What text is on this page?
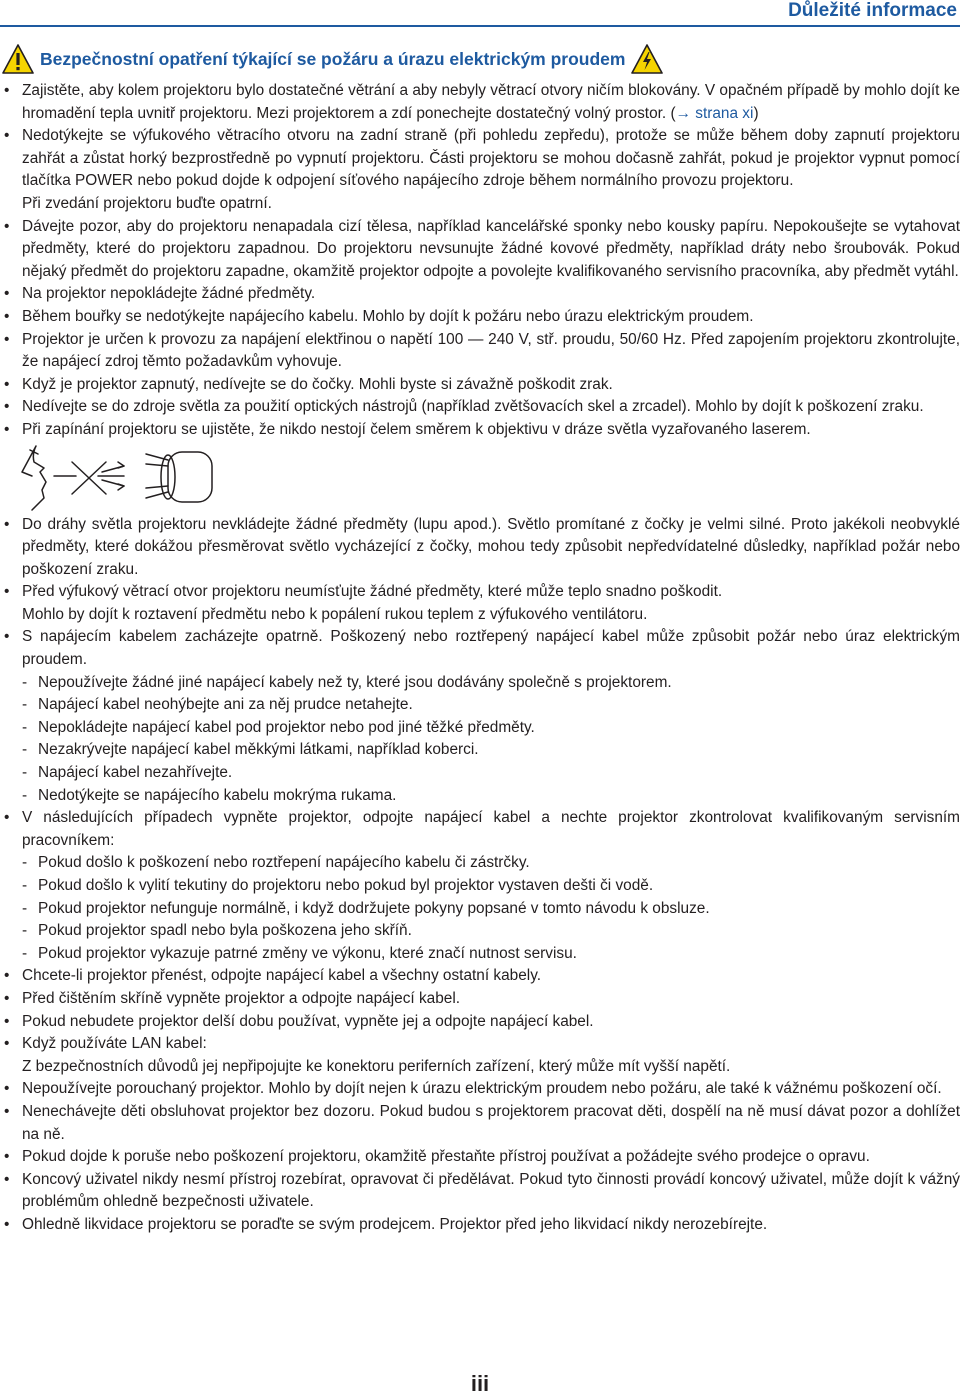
Důležité informace
Bezpečnostní opatření týkající se požáru a úrazu elektrickým proudem
• Zajistěte, aby kolem projektoru bylo dostatečné větrání a aby nebyly větrací otvory ničím blokovány. V opačném případě by mohlo dojít ke hromadění tepla uvnitř projektoru. Mezi projektorem a zdí ponechejte dostatečný volný prostor. (→ strana xi)
• Nedotýkejte se výfukového větracího otvoru na zadní straně (při pohledu zepředu), protože se může během doby zapnutí projektoru zahřát a zůstat horký bezprostředně po vypnutí projektoru. Části projektoru se mohou dočasně zahřát, pokud je projektor vypnut pomocí tlačítka POWER nebo pokud dojde k odpojení síťového napájecího zdroje během normálního provozu projektoru.
Při zvedání projektoru buďte opatrní.
• Dávejte pozor, aby do projektoru nenapadala cizí tělesa, například kancelářské sponky nebo kousky papíru. Nepokoušejte se vytahovat předměty, které do projektoru zapadnou. Do projektoru nevsunujte žádné kovové předměty, například dráty nebo šroubovák. Pokud nějaký předmět do projektoru zapadne, okamžitě projektor odpojte a povolejte kvalifikovaného servisního pracovníka, aby předmět vytáhl.
• Na projektor nepokládejte žádné předměty.
• Během bouřky se nedotýkejte napájecího kabelu. Mohlo by dojít k požáru nebo úrazu elektrickým proudem.
• Projektor je určen k provozu za napájení elektřinou o napětí 100 — 240 V, stř. proudu, 50/60 Hz. Před zapojením projektoru zkontrolujte, že napájecí zdroj těmto požadavkům vyhovuje.
• Když je projektor zapnutý, nedívejte se do čočky. Mohli byste si závažně poškodit zrak.
• Nedívejte se do zdroje světla za použití optických nástrojů (například zvětšovacích skel a zrcadel). Mohlo by dojít k poškození zraku.
• Při zapínání projektoru se ujistěte, že nikdo nestojí čelem směrem k objektivu v dráze světla vyzařovaného laserem.
• Do dráhy světla projektoru nevkládejte žádné předměty (lupu apod.). Světlo promítané z čočky je velmi silné. Proto jakékoli neobvyklé předměty, které dokážou přesměrovat světlo vycházející z čočky, mohou tedy způsobit nepředvídatelné důsledky, například požár nebo poškození zraku.
• Před výfukový větrací otvor projektoru neumísťujte žádné předměty, které může teplo snadno poškodit.
Mohlo by dojít k roztavení předmětu nebo k popálení rukou teplem z výfukového ventilátoru.
• S napájecím kabelem zacházejte opatrně. Poškozený nebo roztřepený napájecí kabel může způsobit požár nebo úraz elektrickým proudem.
- Nepoužívejte žádné jiné napájecí kabely než ty, které jsou dodávány společně s projektorem.
- Napájecí kabel neohýbejte ani za něj prudce netahejte.
- Nepokládejte napájecí kabel pod projektor nebo pod jiné těžké předměty.
- Nezakrývejte napájecí kabel měkkými látkami, například koberci.
- Napájecí kabel nezahřívejte.
- Nedotýkejte se napájecího kabelu mokrýma rukama.
• V následujících případech vypněte projektor, odpojte napájecí kabel a nechte projektor zkontrolovat kvalifikovaným servisním pracovníkem:
- Pokud došlo k poškození nebo roztřepení napájecího kabelu či zástrčky.
- Pokud došlo k vylití tekutiny do projektoru nebo pokud byl projektor vystaven dešti či vodě.
- Pokud projektor nefunguje normálně, i když dodržujete pokyny popsané v tomto návodu k obsluze.
- Pokud projektor spadl nebo byla poškozena jeho skříň.
- Pokud projektor vykazuje patrné změny ve výkonu, které značí nutnost servisu.
• Chcete-li projektor přenést, odpojte napájecí kabel a všechny ostatní kabely.
• Před čištěním skříně vypněte projektor a odpojte napájecí kabel.
• Pokud nebudete projektor delší dobu používat, vypněte jej a odpojte napájecí kabel.
• Když používáte LAN kabel:
Z bezpečnostních důvodů jej nepřipojujte ke konektoru periferních zařízení, který může mít vyšší napětí.
• Nepoužívejte porouchaný projektor. Mohlo by dojít nejen k úrazu elektrickým proudem nebo požáru, ale také k vážnému poškození očí.
• Nenechávejte děti obsluhovat projektor bez dozoru. Pokud budou s projektorem pracovat děti, dospělí na ně musí dávat pozor a dohlížet na ně.
• Pokud dojde k poruše nebo poškození projektoru, okamžitě přestaňte přístroj používat a požádejte svého prodejce o opravu.
• Koncový uživatel nikdy nesmí přístroj rozebírat, opravovat či předělávat. Pokud tyto činnosti provádí koncový uživatel, může dojít k vážný problémům ohledně bezpečnosti uživatele.
• Ohledně likvidace projektoru se poraďte se svým prodejcem. Projektor před jeho likvidací nikdy nerozebírejte.
iii
